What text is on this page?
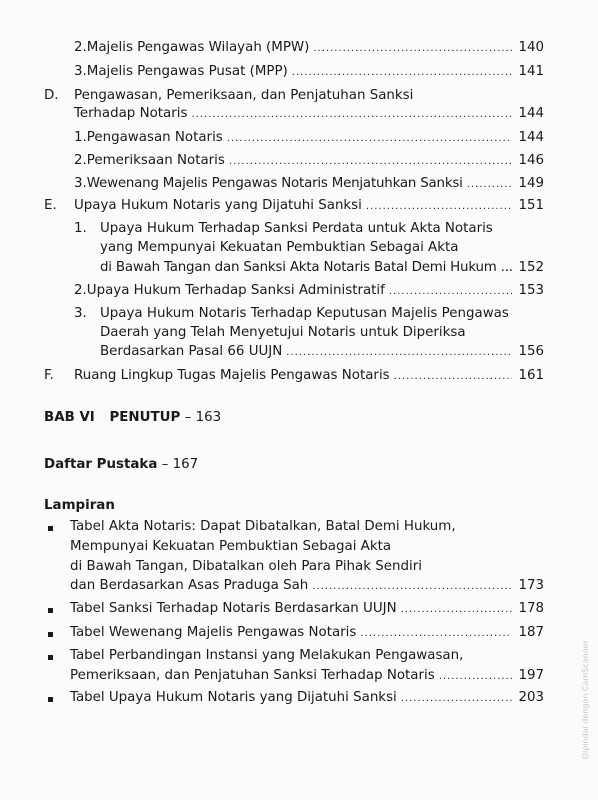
2. Majelis Pengawas Wilayah (MPW) .....	140
3. Majelis Pengawas Pusat (MPP) .....	141
D. Pengawasan, Pemeriksaan, dan Penjatuhan Sanksi
Terhadap Notaris .....	144
1. Pengawasan Notaris .....	144
2. Pemeriksaan Notaris .....	146
3. Wewenang Majelis Pengawas Notaris Menjatuhkan Sanksi .....	149
E. Upaya Hukum Notaris yang Dijatuhi Sanksi .....	151
1. Upaya Hukum Terhadap Sanksi Perdata untuk Akta Notaris
yang Mempunyai Kekuatan Pembuktian Sebagai Akta
di Bawah Tangan dan Sanksi Akta Notaris Batal Demi Hukum ... 152
2. Upaya Hukum Terhadap Sanksi Administratif .....	153
3. Upaya Hukum Notaris Terhadap Keputusan Majelis Pengawas
Daerah yang Telah Menyetujui Notaris untuk Diperiksa
Berdasarkan Pasal 66 UUJN .....	156
F. Ruang Lingkup Tugas Majelis Pengawas Notaris .....	161
BAB VI PENUTUP – 163
Daftar Pustaka – 167
Lampiran
Tabel Akta Notaris: Dapat Dibatalkan, Batal Demi Hukum,
Mempunyai Kekuatan Pembuktian Sebagai Akta
di Bawah Tangan, Dibatalkan oleh Para Pihak Sendiri
dan Berdasarkan Asas Praduga Sah .....	173
Tabel Sanksi Terhadap Notaris Berdasarkan UUJN .....	178
Tabel Wewenang Majelis Pengawas Notaris .....	187
Tabel Perbandingan Instansi yang Melakukan Pengawasan,
Pemeriksaan, dan Penjatuhan Sanksi Terhadap Notaris .....	197
Tabel Upaya Hukum Notaris yang Dijatuhi Sanksi .....	203	Dipindai dengan CamScanner
